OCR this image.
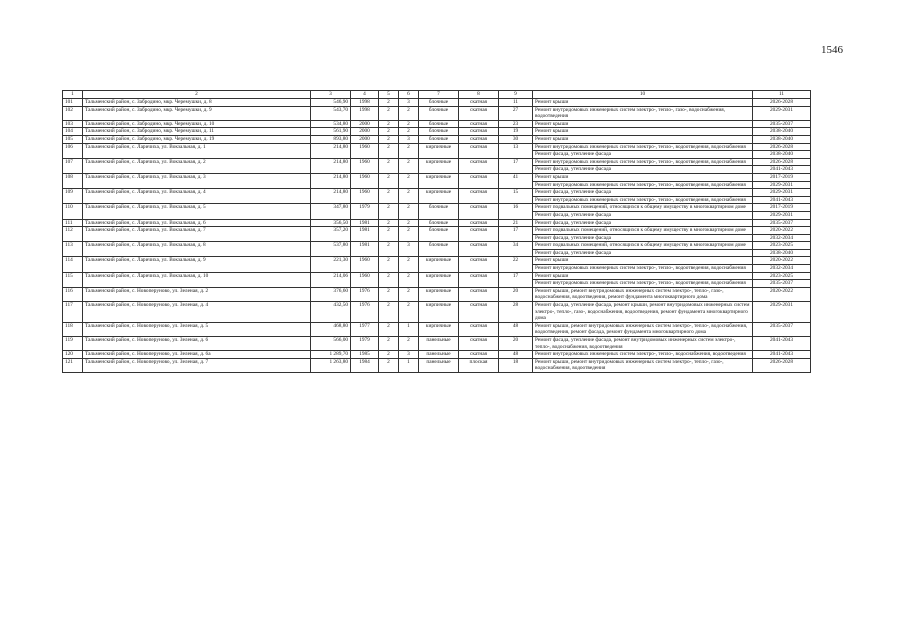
1546
1	2	3	4	5	6	7	8	9	10	11
101	Тальменский район, с. Забродино, мкр. Черемушки, д. 8	546,90	1998	2	3	блочные	скатная	11	Ремонт крыши	2026-2028
102	Тальменский район, с. Забродино, мкр. Черемушки, д. 9	543,70	1998	2	2	блочные	скатная	27	Ремонт внутридомовых инженерных систем электро-, тепло-, газо-, водоснабжения, водоотведения	2029-2031
103	Тальменский район, с. Забродино, мкр. Черемушки, д. 10	534,80	2000	2	2	блочные	скатная	23	Ремонт крыши	2035-2037
104	Тальменский район, с. Забродино, мкр. Черемушки, д. 11	561,90	2000	2	2	блочные	скатная	19	Ремонт крыши	2038-2040
105	Тальменский район, с. Забродино, мкр. Черемушки, д. 19	893,80	2000	2	3	блочные	скатная	30	Ремонт крыши	2038-2040
106	Тальменский район, с. Ларичиха, ул. Вокзальная, д. 1	214,80	1960	2	2	кирпичные	скатная	13	Ремонт внутридомовых инженерных систем электро-, тепло-, водоотведения, водоснабжения	2026-2028
									Ремонт фасада, утепление фасада	2038-2040
107	Тальменский район, с. Ларичиха, ул. Вокзальная, д. 2	214,80	1960	2	2	кирпичные	скатная	17	Ремонт внутридомовых инженерных систем электро-, тепло-, водоотведения, водоснабжения	2026-2028
									Ремонт фасада, утепление фасада	2041-2043
108	Тальменский район, с. Ларичиха, ул. Вокзальная, д. 3	214,80	1960	2	2	кирпичные	скатная	41	Ремонт крыши	2017-2019
									Ремонт внутридомовых инженерных систем электро-, тепло-, водоотведения, водоснабжения	2029-2031
109	Тальменский район, с. Ларичиха, ул. Вокзальная, д. 4	214,80	1960	2	2	кирпичные	скатная	15	Ремонт фасада, утепление фасада	2029-2031
									Ремонт внутридомовых инженерных систем электро-, тепло-, водоотведения, водоснабжения	2041-2043
110	Тальменский район, с. Ларичиха, ул. Вокзальная, д. 5	347,80	1979	2	2	блочные	скатная	16	Ремонт подвальных помещений, относящихся к общему имуществу в многоквартирном доме	2017-2019
									Ремонт фасада, утепление фасада	2029-2031
111	Тальменский район, с. Ларичиха, ул. Вокзальная, д. 6	356,50	1981	2	2	блочные	скатная	21	Ремонт фасада, утепление фасада	2035-2037
112	Тальменский район, с. Ларичиха, ул. Вокзальная, д. 7	357,20	1981	2	2	блочные	скатная	17	Ремонт подвальных помещений, относящихся к общему имуществу в многоквартирном доме	2020-2022
									Ремонт фасада, утепление фасада	2032-2034
113	Тальменский район, с. Ларичиха, ул. Вокзальная, д. 8	537,80	1981	2	3	блочные	скатная	34	Ремонт подвальных помещений, относящихся к общему имуществу в многоквартирном доме	2023-2025
									Ремонт фасада, утепление фасада	2038-2040
114	Тальменский район, с. Ларичиха, ул. Вокзальная, д. 9	221,30	1960	2	2	кирпичные	скатная	22	Ремонт крыши	2020-2022
									Ремонт внутридомовых инженерных систем электро-, тепло-, водоотведения, водоснабжения	2032-2034
115	Тальменский район, с. Ларичиха, ул. Вокзальная, д. 10	214,06	1960	2	2	кирпичные	скатная	17	Ремонт крыши	2023-2025
									Ремонт внутридомовых инженерных систем электро-, тепло-, водоотведения, водоснабжения	2035-2037
116	Тальменский район, с. Новоперуново, ул. Зеленая, д. 2	376,60	1976	2	2	кирпичные	скатная	20	Ремонт крыши, ремонт внутридомовых инженерных систем электро-, тепло-, газо-, водоснабжения, водоотведения, ремонт фундамента многоквартирного дома	2020-2022
117	Тальменский район, с. Новоперуново, ул. Зеленая, д. 4	432,50	1976	2	2	кирпичные	скатная	28	Ремонт фасада, утепление фасада, ремонт крыши, ремонт внутридомовых инженерных систем электро-, тепло-, газо-, водоснабжения, водоотведения, ремонт фундамента многоквартирного дома	2029-2031
118	Тальменский район, с. Новоперуново, ул. Зеленая, д. 5	468,80	1977	2	1	кирпичные	скатная	48	Ремонт крыши, ремонт внутридомовых инженерных систем электро-, тепло-, водоснабжения, водоотведения, ремонт фасада, ремонт фундамента многоквартирного дома	2035-2037
119	Тальменский район, с. Новоперуново, ул. Зеленая, д. 6	566,00	1979	2	2	панельные	скатная	20	Ремонт фасада, утепление фасада, ремонт внутридомовых инженерных систем электро-, тепло-, водоснабжения, водоотведения	2041-2043
120	Тальменский район, с. Новоперуново, ул. Зеленая, д. 6а	1 289,70	1985	2	3	панельные	скатная	48	Ремонт внутридомовых инженерных систем электро-, тепло-, водоснабжения, водоотведения	2041-2043
121	Тальменский район, с. Новоперуново, ул. Зеленая, д. 7	1 263,80	1984	2	1	панельные	плоская	18	Ремонт крыши, ремонт внутридомовых инженерных систем электро-, тепло-, газо-, водоснабжения, водоотведения	2026-2028
